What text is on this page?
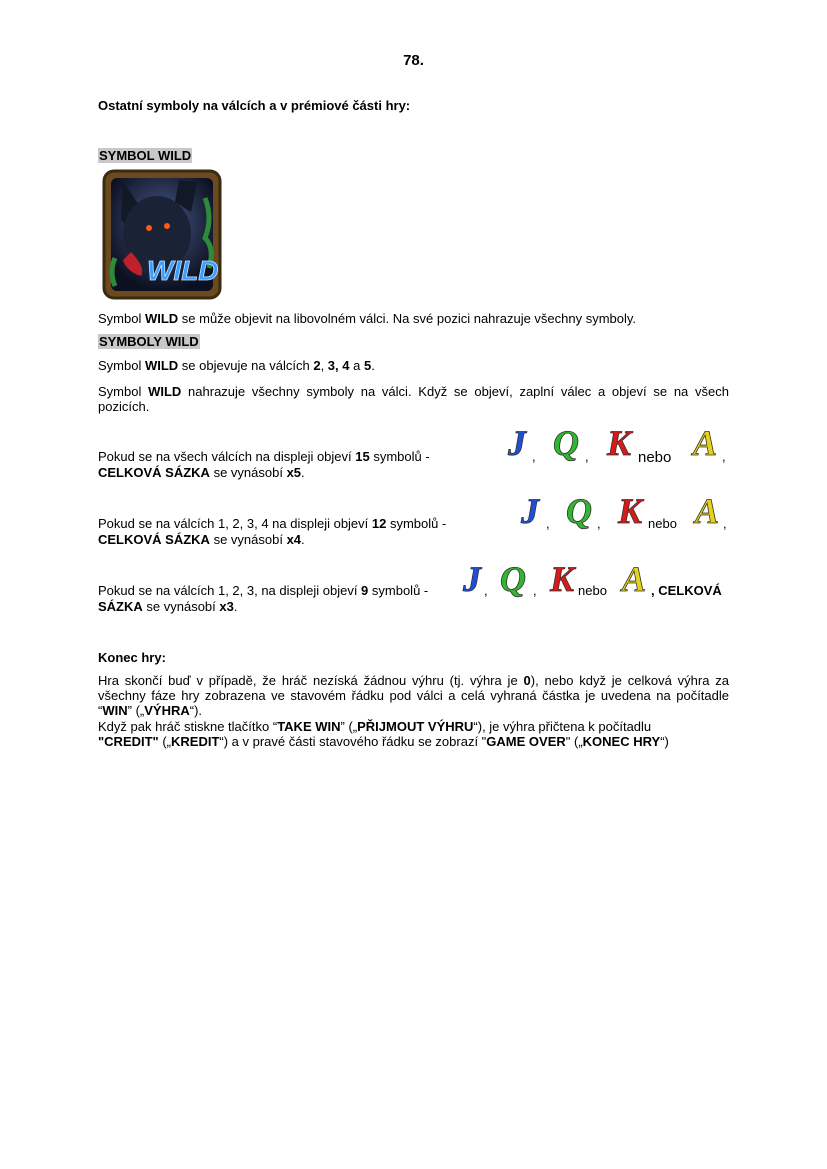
78.
Ostatní symboly na válcích a v prémiové části hry:
SYMBOL WILD
WILD
Symbol WILD se může objevit na libovolném válci. Na své pozici nahrazuje všechny symboly.
SYMBOLY WILD
Symbol WILD se objevuje na válcích 2, 3, 4 a 5.
Symbol WILD nahrazuje všechny symboly na válci. Když se objeví, zaplní válec a objeví se na všech pozicích.
Pokud se na všech válcích na displeji objeví 15 symbolů -
CELKOVÁ SÁZKA se vynásobí x5.
Pokud se na válcích 1, 2, 3, 4 na displeji objeví 12 symbolů -
CELKOVÁ SÁZKA se vynásobí x4.
Pokud se na válcích 1, 2, 3, na displeji objeví 9 symbolů -	, CELKOVÁ
SÁZKA se vynásobí x3.
J Q K A
,	,	nebo	,
J Q K A
,	,	nebo	,
J Q K A
,	,	nebo
Konec hry:
Hra skončí buď v případě, že hráč nezíská žádnou výhru (tj. výhra je 0), nebo když je celková výhra za všechny fáze hry zobrazena ve stavovém řádku pod válci a celá vyhraná částka je uvedena na počítadle “WIN” („VÝHRA“).
Když pak hráč stiskne tlačítko “TAKE WIN” („PŘIJMOUT VÝHRU“), je výhra přičtena k počítadlu
"CREDIT" („KREDIT“) a v pravé části stavového řádku se zobrazí "GAME OVER" („KONEC HRY“)
